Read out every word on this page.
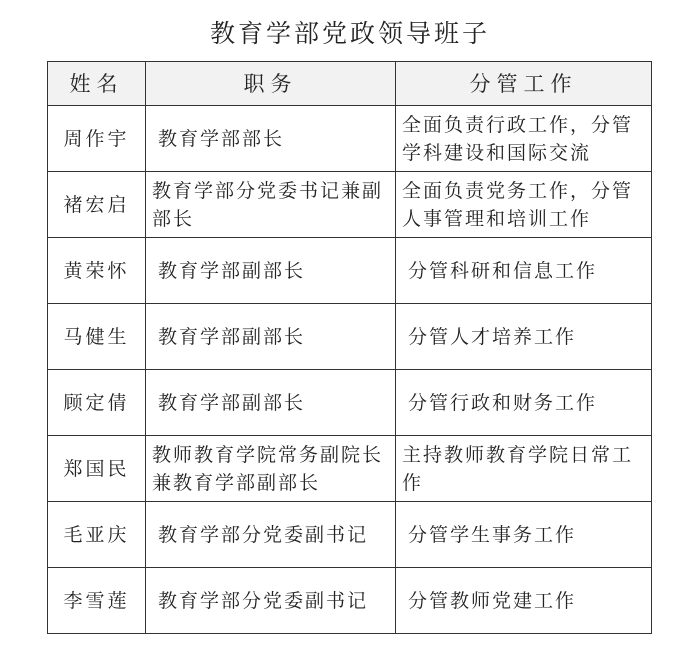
教育学部党政领导班子
姓名	职务	分管工作
周作宇	教育学部部长	全面负责行政工作，分管学科建设和国际交流
褚宏启	教育学部分党委书记兼副部长	全面负责党务工作，分管人事管理和培训工作
黄荣怀	教育学部副部长	分管科研和信息工作
马健生	教育学部副部长	分管人才培养工作
顾定倩	教育学部副部长	分管行政和财务工作
郑国民	教师教育学院常务副院长兼教育学部副部长	主持教师教育学院日常工作
毛亚庆	教育学部分党委副书记	分管学生事务工作
李雪莲	教育学部分党委副书记	分管教师党建工作
